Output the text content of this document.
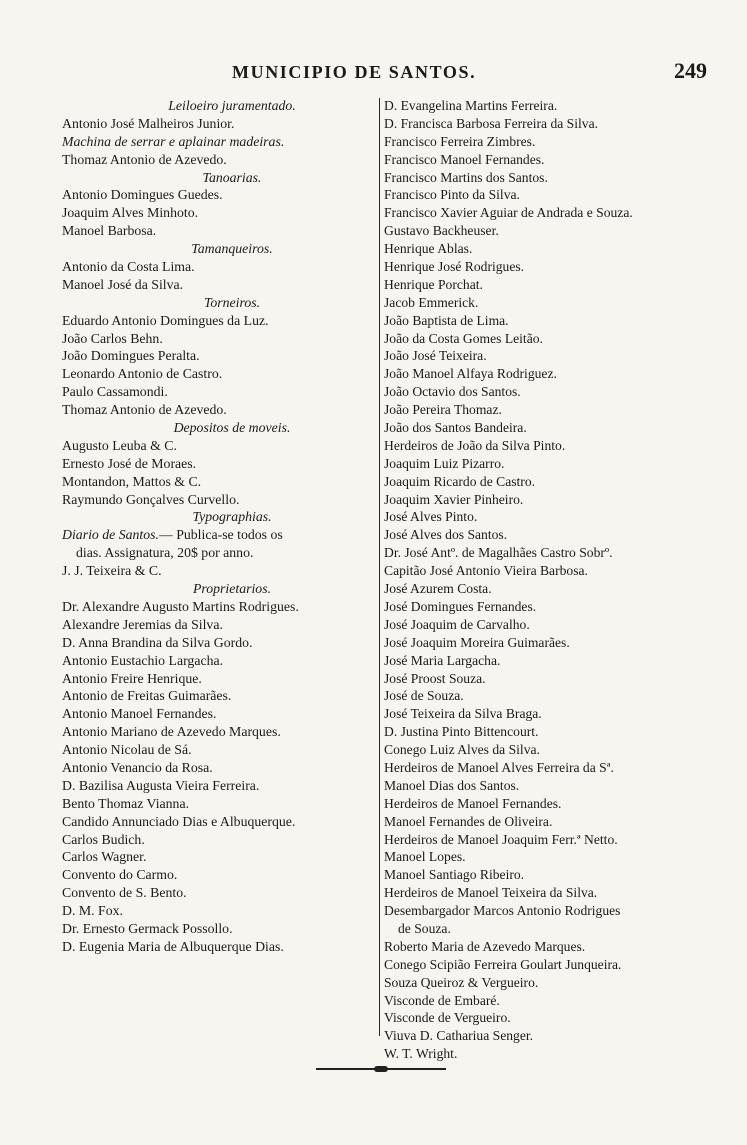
MUNICIPIO DE SANTOS.	249
Leiloeiro juramentado.
Antonio José Malheiros Junior.
Machina de serrar e aplainar madeiras.
Thomaz Antonio de Azevedo.
Tanoarias.
Antonio Domingues Guedes.
Joaquim Alves Minhoto.
Manoel Barbosa.
Tamanqueiros.
Antonio da Costa Lima.
Manoel José da Silva.
Torneiros.
Eduardo Antonio Domingues da Luz.
João Carlos Behn.
João Domingues Peralta.
Leonardo Antonio de Castro.
Paulo Cassamondi.
Thomaz Antonio de Azevedo.
Depositos de moveis.
Augusto Leuba & C.
Ernesto José de Moraes.
Montandon, Mattos & C.
Raymundo Gonçalves Curvello.
Typographias.
Diario de Santos.— Publica-se todos os
dias. Assignatura, 20$ por anno.
J. J. Teixeira & C.
Proprietarios.
Dr. Alexandre Augusto Martins Rodrigues.
Alexandre Jeremias da Silva.
D. Anna Brandina da Silva Gordo.
Antonio Eustachio Largacha.
Antonio Freire Henrique.
Antonio de Freitas Guimarães.
Antonio Manoel Fernandes.
Antonio Mariano de Azevedo Marques.
Antonio Nicolau de Sá.
Antonio Venancio da Rosa.
D. Bazilisa Augusta Vieira Ferreira.
Bento Thomaz Vianna.
Candido Annunciado Dias e Albuquerque.
Carlos Budich.
Carlos Wagner.
Convento do Carmo.
Convento de S. Bento.
D. M. Fox.
Dr. Ernesto Germack Possollo.
D. Eugenia Maria de Albuquerque Dias.
D. Evangelina Martins Ferreira.
D. Francisca Barbosa Ferreira da Silva.
Francisco Ferreira Zimbres.
Francisco Manoel Fernandes.
Francisco Martins dos Santos.
Francisco Pinto da Silva.
Francisco Xavier Aguiar de Andrada e Souza.
Gustavo Backheuser.
Henrique Ablas.
Henrique José Rodrigues.
Henrique Porchat.
Jacob Emmerick.
João Baptista de Lima.
João da Costa Gomes Leitão.
João José Teixeira.
João Manoel Alfaya Rodriguez.
João Octavio dos Santos.
João Pereira Thomaz.
João dos Santos Bandeira.
Herdeiros de João da Silva Pinto.
Joaquim Luiz Pizarro.
Joaquim Ricardo de Castro.
Joaquim Xavier Pinheiro.
José Alves Pinto.
José Alves dos Santos.
Dr. José Antº. de Magalhães Castro Sobrº.
Capitão José Antonio Vieira Barbosa.
José Azurem Costa.
José Domingues Fernandes.
José Joaquim de Carvalho.
José Joaquim Moreira Guimarães.
José Maria Largacha.
José Proost Souza.
José de Souza.
José Teixeira da Silva Braga.
D. Justina Pinto Bittencourt.
Conego Luiz Alves da Silva.
Herdeiros de Manoel Alves Ferreira da Sª.
Manoel Dias dos Santos.
Herdeiros de Manoel Fernandes.
Manoel Fernandes de Oliveira.
Herdeiros de Manoel Joaquim Ferr.ª Netto.
Manoel Lopes.
Manoel Santiago Ribeiro.
Herdeiros de Manoel Teixeira da Silva.
Desembargador Marcos Antonio Rodrigues
de Souza.
Roberto Maria de Azevedo Marques.
Conego Scipião Ferreira Goulart Junqueira.
Souza Queiroz & Vergueiro.
Visconde de Embaré.
Visconde de Vergueiro.
Viuva D. Cathariua Senger.
W. T. Wright.
